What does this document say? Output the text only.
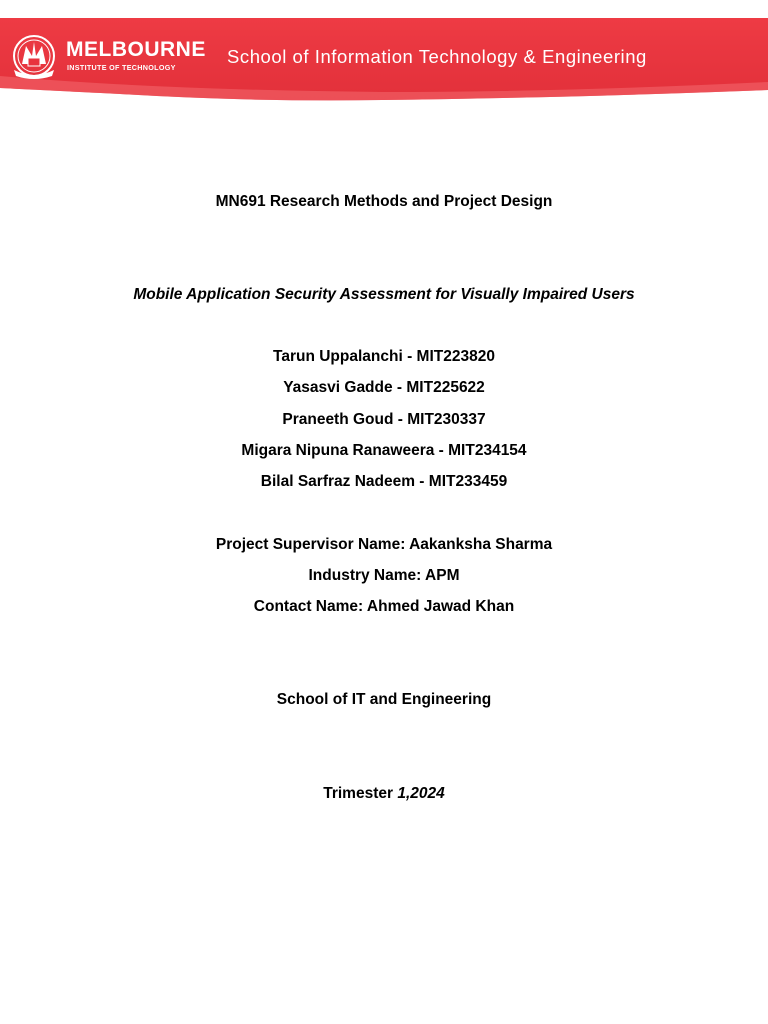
MELBOURNE
INSTITUTE OF TECHNOLOGY
School of Information Technology & Engineering
MN691 Research Methods and Project Design
Mobile Application Security Assessment for Visually Impaired Users
Tarun Uppalanchi - MIT223820
Yasasvi Gadde - MIT225622
Praneeth Goud - MIT230337
Migara Nipuna Ranaweera - MIT234154
Bilal Sarfraz Nadeem - MIT233459
Project Supervisor Name: Aakanksha Sharma
Industry Name: APM
Contact Name: Ahmed Jawad Khan
School of IT and Engineering
Trimester 1,2024
